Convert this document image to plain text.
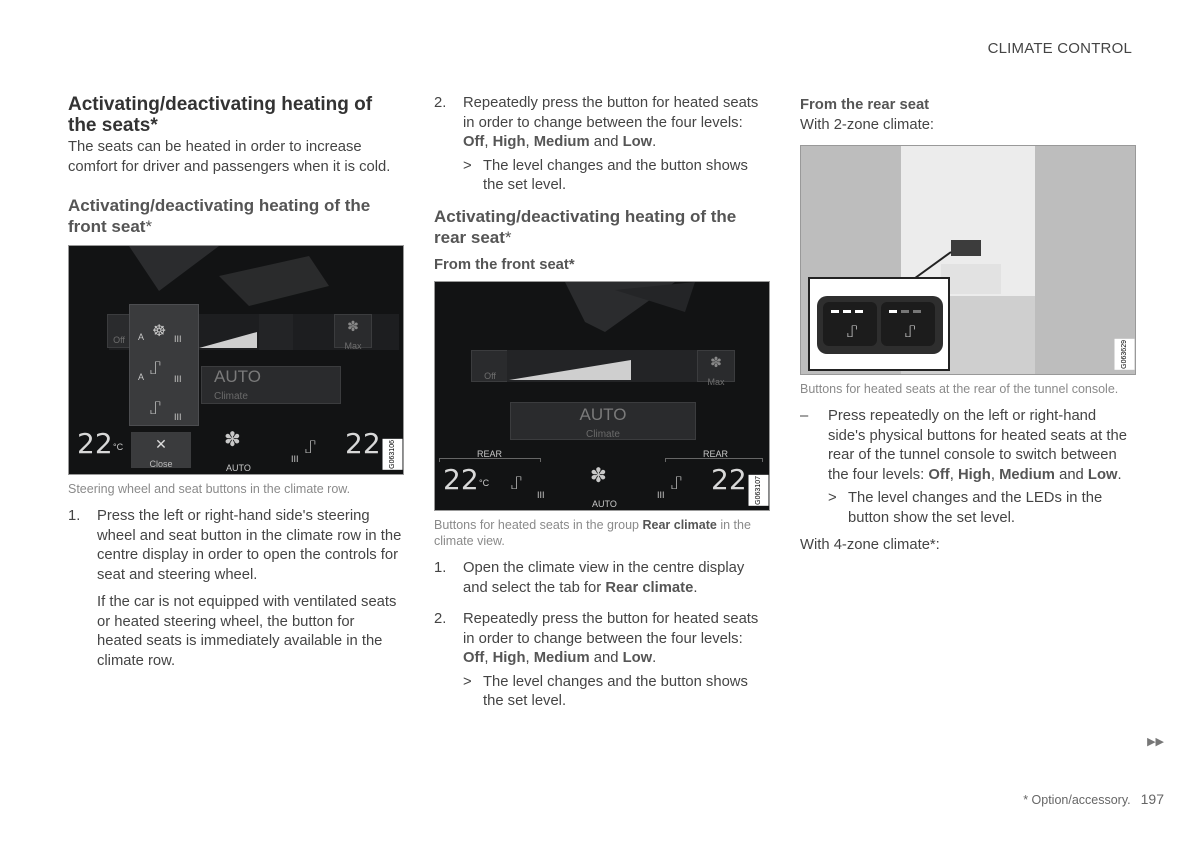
CLIMATE CONTROL
Activating/deactivating heating of the seats*

The seats can be heated in order to increase comfort for driver and passengers when it is cold.

Activating/deactivating heating of the front seat*
Off	A ☸ III
A ⑀
III
⑀ III
✽
Max
AUTO
Climate
✕
Close
22 °C	✽
AUTO
III
⑀ 22	G063106
Steering wheel and seat buttons in the climate row.
1. Press the left or right-hand side's steering wheel and seat button in the climate row in the centre display in order to open the controls for seat and steering wheel.

If the car is not equipped with ventilated seats or heated steering wheel, the button for heated seats is immediately available in the climate row.

2. Repeatedly press the button for heated seats in order to change between the four levels: Off, High, Medium and Low.
> The level changes and the button shows the set level.
Activating/deactivating heating of the rear seat*
From the front seat*
Off
✽
Max
AUTO
Climate
REAR	REAR
22 °C ⑀
III
✽
AUTO
III
⑀ 22	G063107
Buttons for heated seats in the group Rear climate in the climate view.
1. Open the climate view in the centre display and select the tab for Rear climate.
2. Repeatedly press the button for heated seats in order to change between the four levels: Off, High, Medium and Low.
> The level changes and the button shows the set level.
From the rear seat

With 2-zone climate:

⑀	⑀
G063629
Buttons for heated seats at the rear of the tunnel console.
– Press repeatedly on the left or right-hand side's physical buttons for heated seats at the rear of the tunnel console to switch between the four levels: Off, High, Medium and Low.
> The level changes and the LEDs in the button show the set level.

With 4-zone climate*:

▶▶
* Option/accessory. 197
